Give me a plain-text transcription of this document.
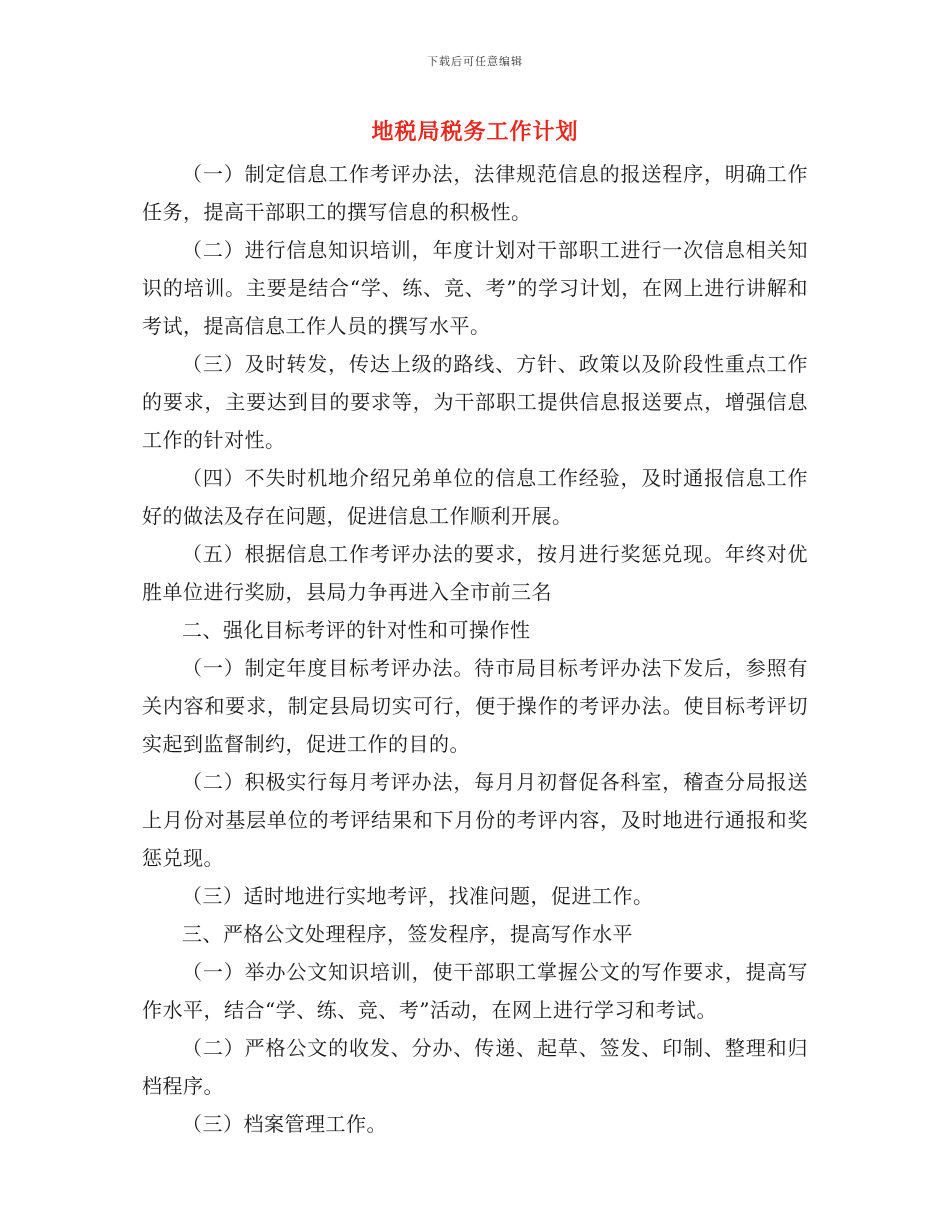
下载后可任意编辑
地税局税务工作计划

（一）制定信息工作考评办法，法律规范信息的报送程序，明确工作任务，提高干部职工的撰写信息的积极性。

（二）进行信息知识培训，年度计划对干部职工进行一次信息相关知识的培训。主要是结合“学、练、竞、考”的学习计划，在网上进行讲解和考试，提高信息工作人员的撰写水平。

（三）及时转发，传达上级的路线、方针、政策以及阶段性重点工作的要求，主要达到目的要求等，为干部职工提供信息报送要点，增强信息工作的针对性。

（四）不失时机地介绍兄弟单位的信息工作经验，及时通报信息工作好的做法及存在问题，促进信息工作顺利开展。

（五）根据信息工作考评办法的要求，按月进行奖惩兑现。年终对优胜单位进行奖励，县局力争再进入全市前三名

二、强化目标考评的针对性和可操作性

（一）制定年度目标考评办法。待市局目标考评办法下发后，参照有关内容和要求，制定县局切实可行，便于操作的考评办法。使目标考评切实起到监督制约，促进工作的目的。

（二）积极实行每月考评办法，每月月初督促各科室，稽查分局报送上月份对基层单位的考评结果和下月份的考评内容，及时地进行通报和奖惩兑现。

（三）适时地进行实地考评，找准问题，促进工作。

三、严格公文处理程序，签发程序，提高写作水平

（一）举办公文知识培训，使干部职工掌握公文的写作要求，提高写作水平，结合“学、练、竞、考”活动，在网上进行学习和考试。

（二）严格公文的收发、分办、传递、起草、签发、印制、整理和归档程序。

（三）档案管理工作。
